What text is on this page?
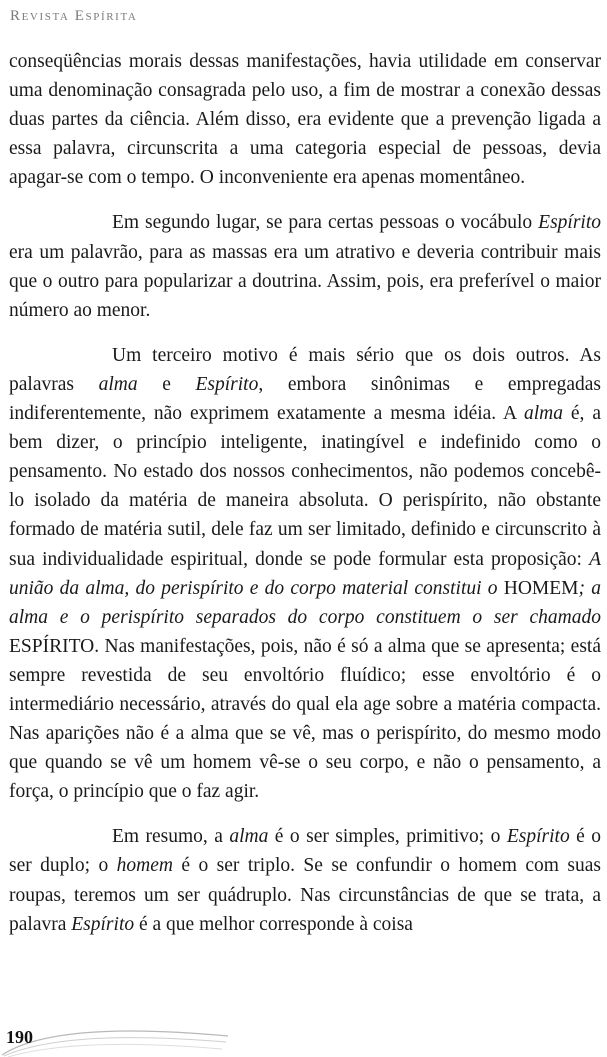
Revista Espírita

conseqüências morais dessas manifestações, havia utilidade em conservar uma denominação consagrada pelo uso, a fim de mostrar a conexão dessas duas partes da ciência. Além disso, era evidente que a prevenção ligada a essa palavra, circunscrita a uma categoria especial de pessoas, devia apagar-se com o tempo. O inconveniente era apenas momentâneo.

Em segundo lugar, se para certas pessoas o vocábulo Espírito era um palavrão, para as massas era um atrativo e deveria contribuir mais que o outro para popularizar a doutrina. Assim, pois, era preferível o maior número ao menor.

Um terceiro motivo é mais sério que os dois outros. As palavras alma e Espírito, embora sinônimas e empregadas indiferentemente, não exprimem exatamente a mesma idéia. A alma é, a bem dizer, o princípio inteligente, inatingível e indefinido como o pensamento. No estado dos nossos conhecimentos, não podemos concebê-lo isolado da matéria de maneira absoluta. O perispírito, não obstante formado de matéria sutil, dele faz um ser limitado, definido e circunscrito à sua individualidade espiritual, donde se pode formular esta proposição: A união da alma, do perispírito e do corpo material constitui o HOMEM; a alma e o perispírito separados do corpo constituem o ser chamado ESPÍRITO. Nas manifestações, pois, não é só a alma que se apresenta; está sempre revestida de seu envoltório fluídico; esse envoltório é o intermediário necessário, através do qual ela age sobre a matéria compacta. Nas aparições não é a alma que se vê, mas o perispírito, do mesmo modo que quando se vê um homem vê-se o seu corpo, e não o pensamento, a força, o princípio que o faz agir.

Em resumo, a alma é o ser simples, primitivo; o Espírito é o ser duplo; o homem é o ser triplo. Se se confundir o homem com suas roupas, teremos um ser quádruplo. Nas circunstâncias de que se trata, a palavra Espírito é a que melhor corresponde à coisa

190
